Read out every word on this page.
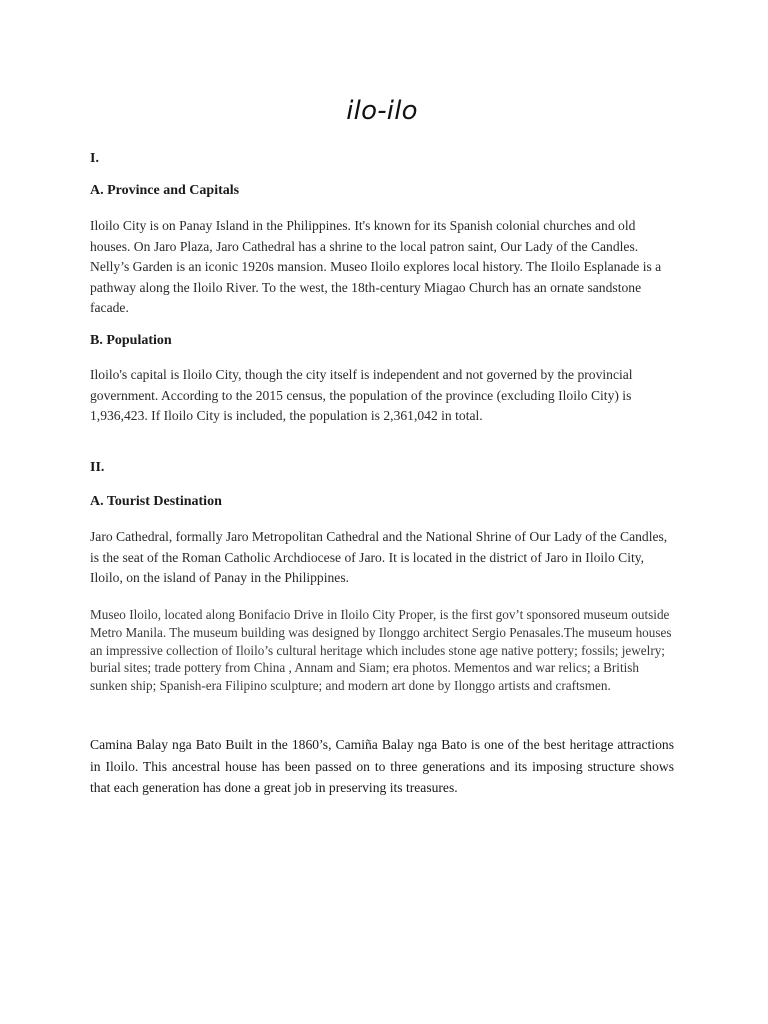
ilo-ilo
I.
A. Province and Capitals

Iloilo City is on Panay Island in the Philippines. It's known for its Spanish colonial churches and old houses. On Jaro Plaza, Jaro Cathedral has a shrine to the local patron saint, Our Lady of the Candles. Nelly’s Garden is an iconic 1920s mansion. Museo Iloilo explores local history. The Iloilo Esplanade is a pathway along the Iloilo River. To the west, the 18th-century Miagao Church has an ornate sandstone facade.

B. Population

Iloilo's capital is Iloilo City, though the city itself is independent and not governed by the provincial government. According to the 2015 census, the population of the province (excluding Iloilo City) is 1,936,423. If Iloilo City is included, the population is 2,361,042 in total.

II.
A. Tourist Destination

Jaro Cathedral, formally Jaro Metropolitan Cathedral and the National Shrine of Our Lady of the Candles, is the seat of the Roman Catholic Archdiocese of Jaro. It is located in the district of Jaro in Iloilo City, Iloilo, on the island of Panay in the Philippines.

Museo Iloilo, located along Bonifacio Drive in Iloilo City Proper, is the first gov’t sponsored museum outside Metro Manila. The museum building was designed by Ilonggo architect Sergio Penasales.The museum houses an impressive collection of Iloilo’s cultural heritage which includes stone age native pottery; fossils; jewelry; burial sites; trade pottery from China , Annam and Siam; era photos. Mementos and war relics; a British sunken ship; Spanish-era Filipino sculpture; and modern art done by Ilonggo artists and craftsmen.

Camina Balay nga Bato Built in the 1860’s, Camiña Balay nga Bato is one of the best heritage attractions in Iloilo. This ancestral house has been passed on to three generations and its imposing structure shows that each generation has done a great job in preserving its treasures.
